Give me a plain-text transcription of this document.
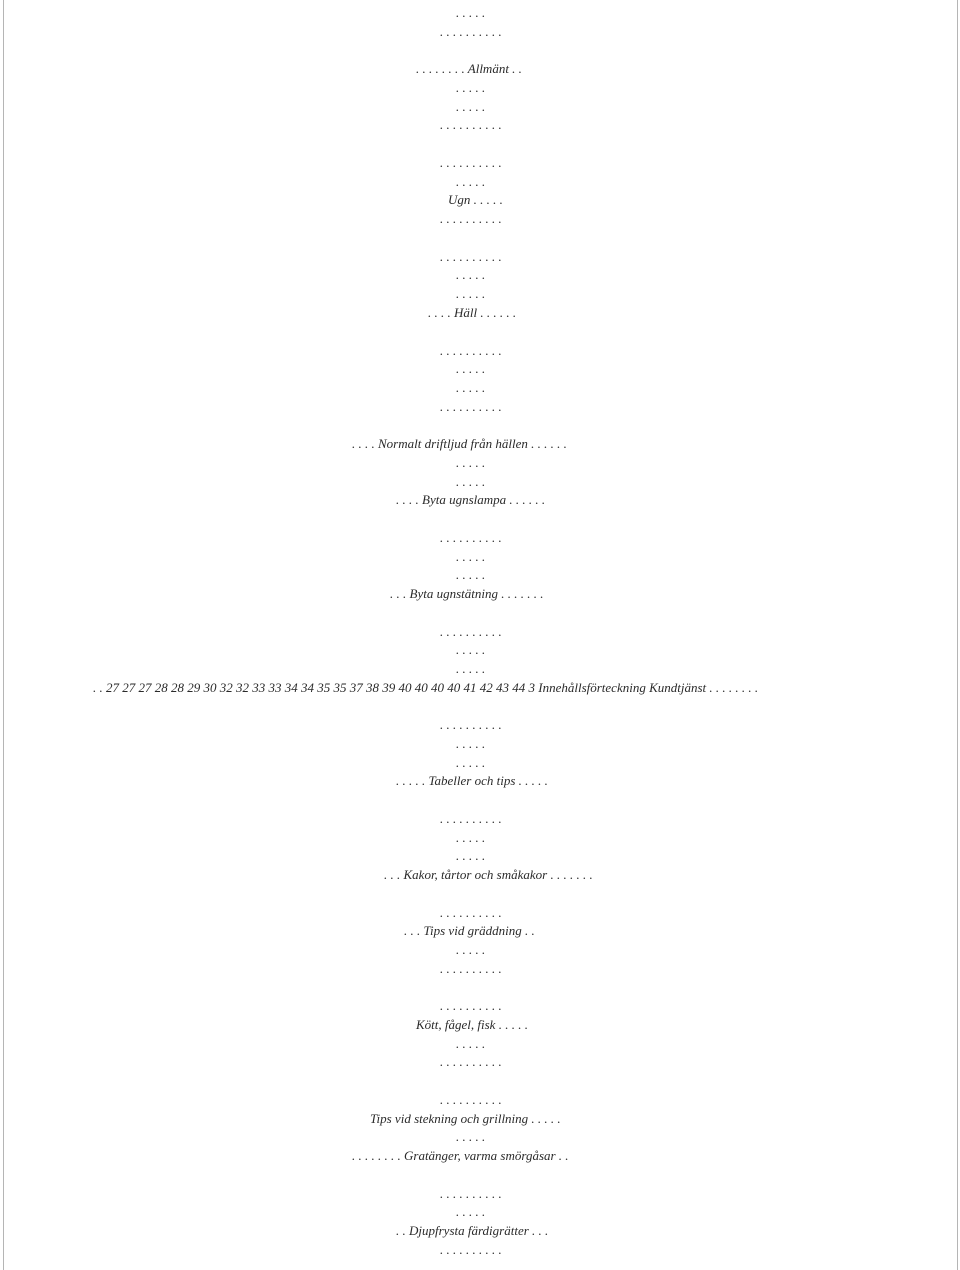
. . . . .
. . . . . . . . . .
. . . . . . . . Allmänt . .
. . . . .
. . . . .
. . . . . . . . . .
. . . . . . . . . .
. . . . .
Ugn . . . . .
. . . . . . . . . .
. . . . . . . . . .
. . . . .
. . . . .
. . . . Häll . . . . . .
. . . . . . . . . .
. . . . .
. . . . .
. . . . . . . . . .
. . . . Normalt driftljud från hällen . . . . . .
. . . . .
. . . . .
. . . . Byta ugnslampa . . . . . .
. . . . . . . . . .
. . . . .
. . . . .
. . . Byta ugnstätning . . . . . . .
. . . . . . . . . .
. . . . .
. . . . .
. . 27 27 27 28 28 29 30 32 32 33 33 34 34 35 35 37 38 39 40 40 40 40 41 42 43 44 3 Innehållsförteckning Kundtjänst . . . . . . . .
. . . . . . . . . .
. . . . .
. . . . .
. . . . . Tabeller och tips . . . . .
. . . . . . . . . .
. . . . .
. . . . .
. . . Kakor, tårtor och småkakor . . . . . . .
. . . . . . . . . .
. . . Tips vid gräddning . .
. . . . .
. . . . . . . . . .
. . . . . . . . . .
Kött, fågel, fisk . . . . .
. . . . .
. . . . . . . . . .
. . . . . . . . . .
Tips vid stekning och grillning . . . . .
. . . . .
. . . . . . . . Gratänger, varma smörgåsar . .
. . . . . . . . . .
. . . . .
. . Djupfrysta färdigrätter . . .
. . . . . . . . . .
